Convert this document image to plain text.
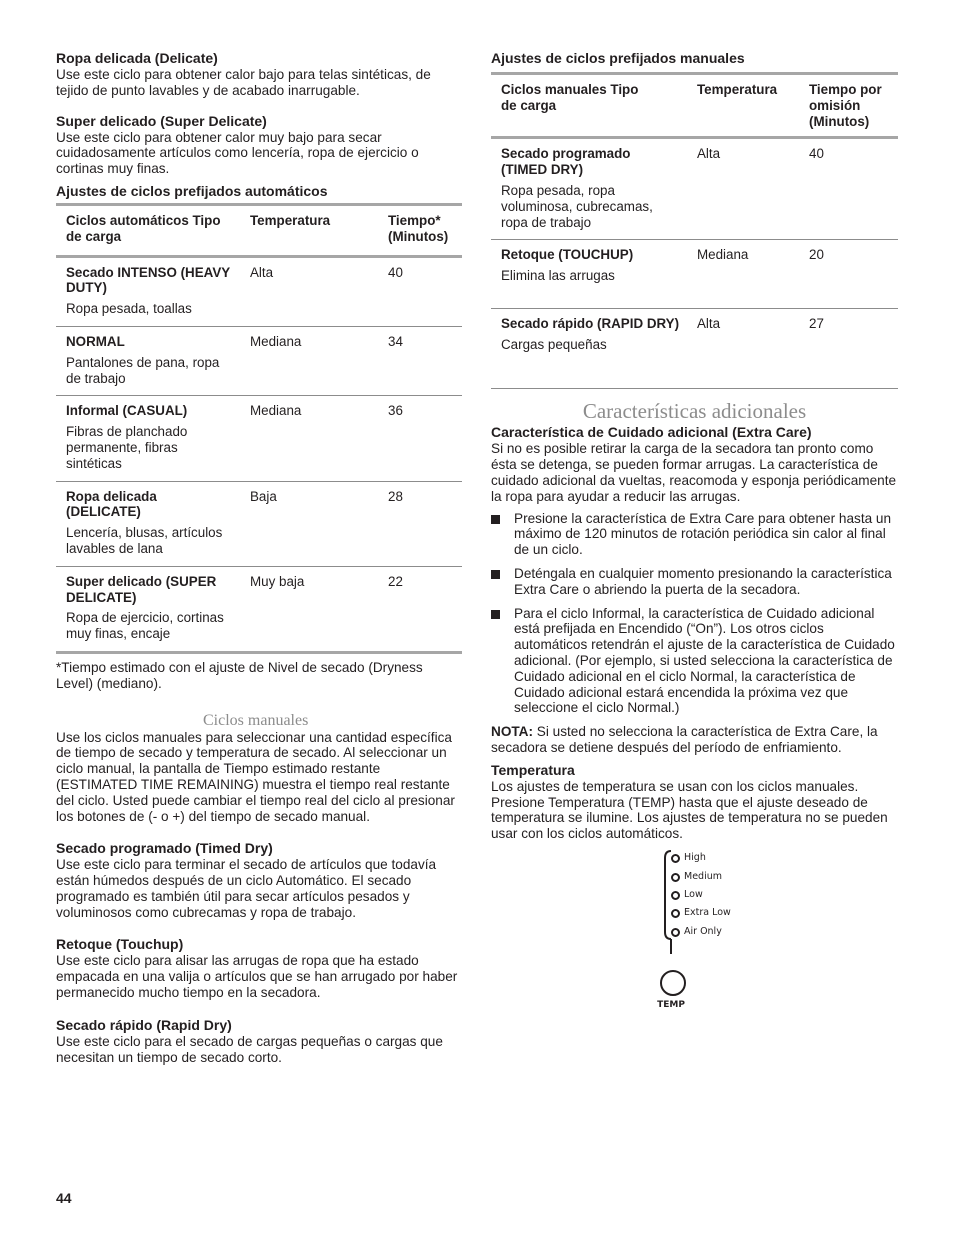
Ropa delicada (Delicate)

Use este ciclo para obtener calor bajo para telas sintéticas, de tejido de punto lavables y de acabado inarrugable.

Super delicado (Super Delicate)

Use este ciclo para obtener calor muy bajo para secar cuidadosamente artículos como lencería, ropa de ejercicio o cortinas muy finas.

Ajustes de ciclos prefijados automáticos
Ciclos automáticos Tipo de carga	Temperatura	Tiempo* (Minutos)

Secado INTENSO (HEAVY DUTY)
Ropa pesada, toallas	Alta	40

NORMAL
Pantalones de pana, ropa de trabajo	Mediana	34

Informal (CASUAL)
Fibras de planchado permanente, fibras sintéticas	Mediana	36

Ropa delicada (DELICATE)
Lencería, blusas, artículos lavables de lana	Baja	28

Super delicado (SUPER DELICATE)
Ropa de ejercicio, cortinas muy finas, encaje	Muy baja	22

*Tiempo estimado con el ajuste de Nivel de secado (Dryness Level) (mediano).

Ciclos manuales

Use los ciclos manuales para seleccionar una cantidad específica de tiempo de secado y temperatura de secado. Al seleccionar un ciclo manual, la pantalla de Tiempo estimado restante (ESTIMATED TIME REMAINING) muestra el tiempo real restante del ciclo. Usted puede cambiar el tiempo real del ciclo al presionar los botones de (- o +) del tiempo de secado manual.

Secado programado (Timed Dry)

Use este ciclo para terminar el secado de artículos que todavía están húmedos después de un ciclo Automático. El secado programado es también útil para secar artículos pesados y voluminosos como cubrecamas y ropa de trabajo.

Retoque (Touchup)

Use este ciclo para alisar las arrugas de ropa que ha estado empacada en una valija o artículos que se han arrugado por haber permanecido mucho tiempo en la secadora.

Secado rápido (Rapid Dry)

Use este ciclo para el secado de cargas pequeñas o cargas que necesitan un tiempo de secado corto.

Ajustes de ciclos prefijados manuales
Ciclos manuales Tipo de carga	Temperatura	Tiempo por omisión (Minutos)

Secado programado (TIMED DRY)
Ropa pesada, ropa voluminosa, cubrecamas, ropa de trabajo	Alta	40

Retoque (TOUCHUP)
Elimina las arrugas	Mediana	20

Secado rápido (RAPID DRY)
Cargas pequeñas	Alta	27
Características adicionales
Característica de Cuidado adicional (Extra Care)

Si no es posible retirar la carga de la secadora tan pronto como ésta se detenga, se pueden formar arrugas. La característica de cuidado adicional da vueltas, reacomoda y esponja periódicamente la ropa para ayudar a reducir las arrugas.

Presione la característica de Extra Care para obtener hasta un máximo de 120 minutos de rotación periódica sin calor al final de un ciclo.
Deténgala en cualquier momento presionando la característica Extra Care o abriendo la puerta de la secadora.
Para el ciclo Informal, la característica de Cuidado adicional está prefijada en Encendido (“On”). Los otros ciclos automáticos retendrán el ajuste de la característica de Cuidado adicional. (Por ejemplo, si usted selecciona la característica de Cuidado adicional en el ciclo Normal, la característica de Cuidado adicional estará encendida la próxima vez que seleccione el ciclo Normal.)

NOTA: Si usted no selecciona la característica de Extra Care, la secadora se detiene después del período de enfriamiento.

Temperatura

Los ajustes de temperatura se usan con los ciclos manuales. Presione Temperatura (TEMP) hasta que el ajuste deseado de temperatura se ilumine. Los ajustes de temperatura no se pueden usar con los ciclos automáticos.

High
Medium
Low
Extra Low
Air Only
TEMP
44
